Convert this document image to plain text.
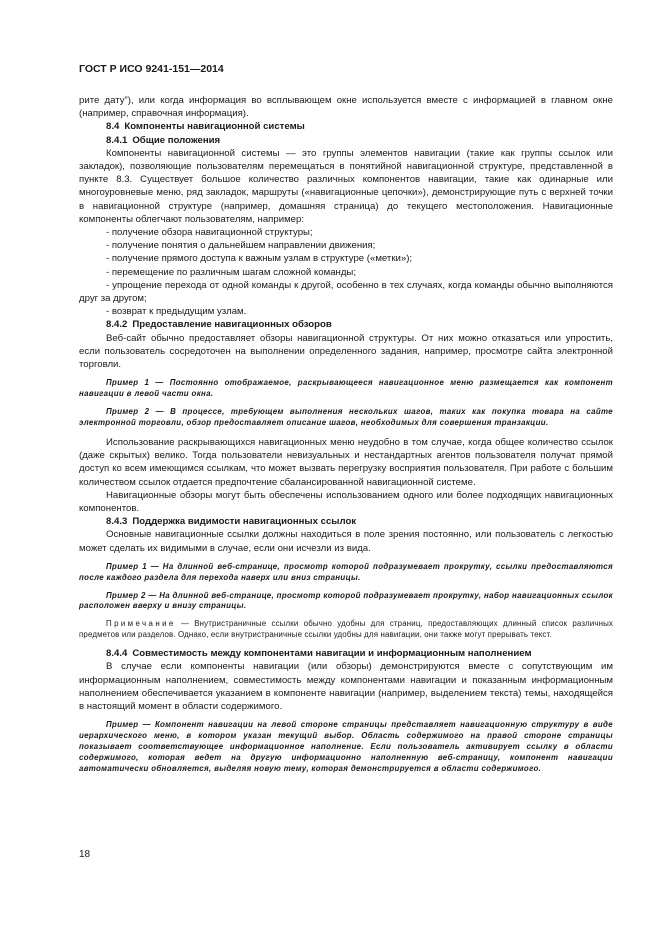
ГОСТ Р ИСО 9241-151—2014

рите дату”), или когда информация во всплывающем окне используется вместе с информацией в главном окне (например, справочная информация).

8.4 Компоненты навигационной системы
8.4.1 Общие положения

Компоненты навигационной системы — это группы элементов навигации (такие как группы ссылок или закладок), позволяющие пользователям перемещаться в понятийной навигационной структуре, представленной в пункте 8.3. Существует большое количество различных компонентов навигации, такие как одинарные или многоуровневые меню, ряд закладок, маршруты («навигационные цепочки»), демонстрирующие путь с верхней точки в навигационной структуре (например, домашняя страница) до текущего местоположения. Навигационные компоненты облегчают пользователям, например:

- получение обзора навигационной структуры;
- получение понятия о дальнейшем направлении движения;
- получение прямого доступа к важным узлам в структуре («метки»);
- перемещение по различным шагам сложной команды;
- упрощение перехода от одной команды к другой, особенно в тех случаях, когда команды обычно выполняются друг за другом;
- возврат к предыдущим узлам.
8.4.2 Предоставление навигационных обзоров

Веб-сайт обычно предоставляет обзоры навигационной структуры. От них можно отказаться или упростить, если пользователь сосредоточен на выполнении определенного задания, например, просмотре сайта электронной торговли.

Пример 1 — Постоянно отображаемое, раскрывающееся навигационное меню размещается как компонент навигации в левой части окна.

Пример 2 — В процессе, требующем выполнения нескольких шагов, таких как покупка товара на сайте электронной торговли, обзор предоставляет описание шагов, необходимых для совершения транзакции.

Использование раскрывающихся навигационных меню неудобно в том случае, когда общее количество ссылок (даже скрытых) велико. Тогда пользователи невизуальных и нестандартных агентов пользователя получат прямой доступ ко всем имеющимся ссылкам, что может вызвать перегрузку восприятия пользователя. При работе с большим количеством ссылок отдается предпочтение сбалансированной навигационной системе.

Навигационные обзоры могут быть обеспечены использованием одного или более подходящих навигационных компонентов.

8.4.3 Поддержка видимости навигационных ссылок

Основные навигационные ссылки должны находиться в поле зрения постоянно, или пользователь с легкостью может сделать их видимыми в случае, если они исчезли из вида.

Пример 1 — На длинной веб-странице, просмотр которой подразумевает прокрутку, ссылки предоставляются после каждого раздела для перехода наверх или вниз страницы.

Пример 2 — На длинной веб-странице, просмотр которой подразумевает прокрутку, набор навигационных ссылок расположен вверху и внизу страницы.

Примечание — Внутристраничные ссылки обычно удобны для страниц, предоставляющих длинный список различных предметов или разделов. Однако, если внутристраничные ссылки удобны для навигации, они также могут прерывать текст.

8.4.4 Совместимость между компонентами навигации и информационным наполнением

В случае если компоненты навигации (или обзоры) демонстрируются вместе с сопутствующим им информационным наполнением, совместимость между компонентами навигации и показанным информационным наполнением обеспечивается указанием в компоненте навигации (например, выделением текста) темы, находящейся в настоящий момент в области содержимого.

Пример — Компонент навигации на левой стороне страницы представляет навигационную структуру в виде иерархического меню, в котором указан текущий выбор. Область содержимого на правой стороне страницы показывает соответствующее информационное наполнение. Если пользователь активирует ссылку в области содержимого, которая ведет на другую информационно наполненную веб-страницу, компонент навигации автоматически обновляется, выделяя новую тему, которая демонстрируется в области содержимого.

18
